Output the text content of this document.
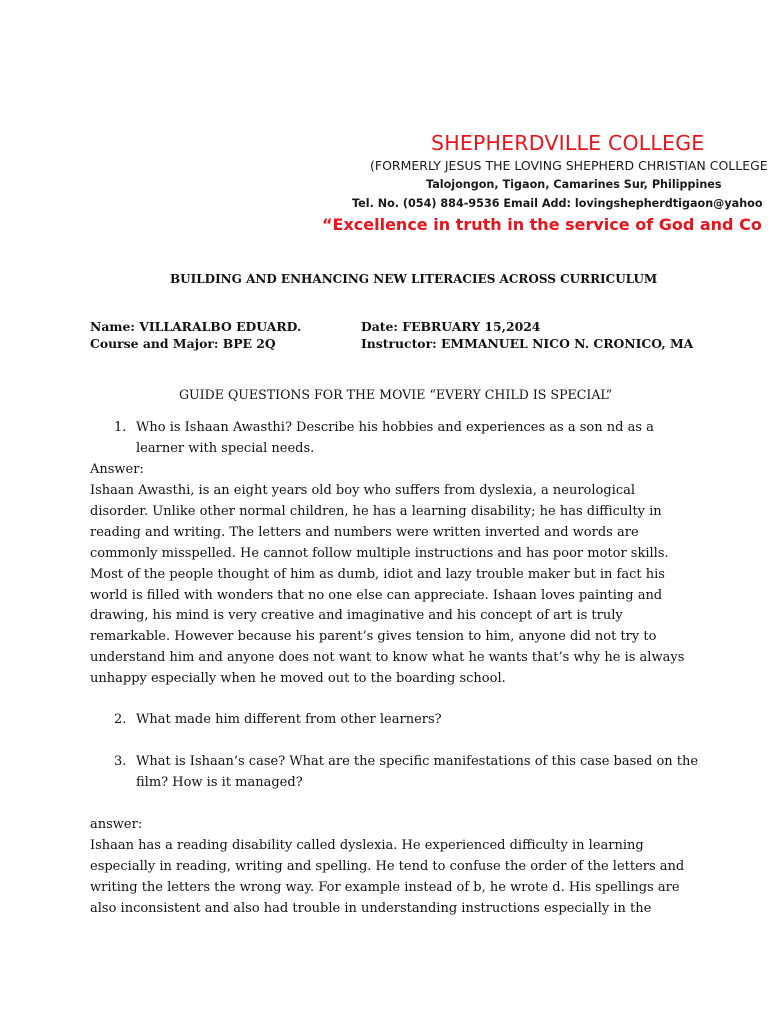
SHEPHERDVILLE COLLEGE
(FORMERLY JESUS THE LOVING SHEPHERD CHRISTIAN COLLEGE
Talojongon, Tigaon, Camarines Sur, Philippines
Tel. No. (054) 884-9536 Email Add: lovingshepherdtigaon@yahoo
“Excellence in truth in the service of God and Co
BUILDING AND ENHANCING NEW LITERACIES ACROSS CURRICULUM
Name: VILLARALBO EDUARD.	Date: FEBRUARY 15,2024
Course and Major: BPE 2Q	Instructor: EMMANUEL NICO N. CRONICO, MA
GUIDE QUESTIONS FOR THE MOVIE “EVERY CHILD IS SPECIAL”
1. Who is Ishaan Awasthi? Describe his hobbies and experiences as a son nd as a
learner with special needs.
Answer:
Ishaan Awasthi, is an eight years old boy who suffers from dyslexia, a neurological
disorder. Unlike other normal children, he has a learning disability; he has difficulty in
reading and writing. The letters and numbers were written inverted and words are
commonly misspelled. He cannot follow multiple instructions and has poor motor skills.
Most of the people thought of him as dumb, idiot and lazy trouble maker but in fact his
world is filled with wonders that no one else can appreciate. Ishaan loves painting and
drawing, his mind is very creative and imaginative and his concept of art is truly
remarkable. However because his parent’s gives tension to him, anyone did not try to
understand him and anyone does not want to know what he wants that’s why he is always
unhappy especially when he moved out to the boarding school.
2. What made him different from other learners?
3. What is Ishaan’s case? What are the specific manifestations of this case based on the
film? How is it managed?
answer:
Ishaan has a reading disability called dyslexia. He experienced difficulty in learning
especially in reading, writing and spelling. He tend to confuse the order of the letters and
writing the letters the wrong way. For example instead of b, he wrote d. His spellings are
also inconsistent and also had trouble in understanding instructions especially in the
